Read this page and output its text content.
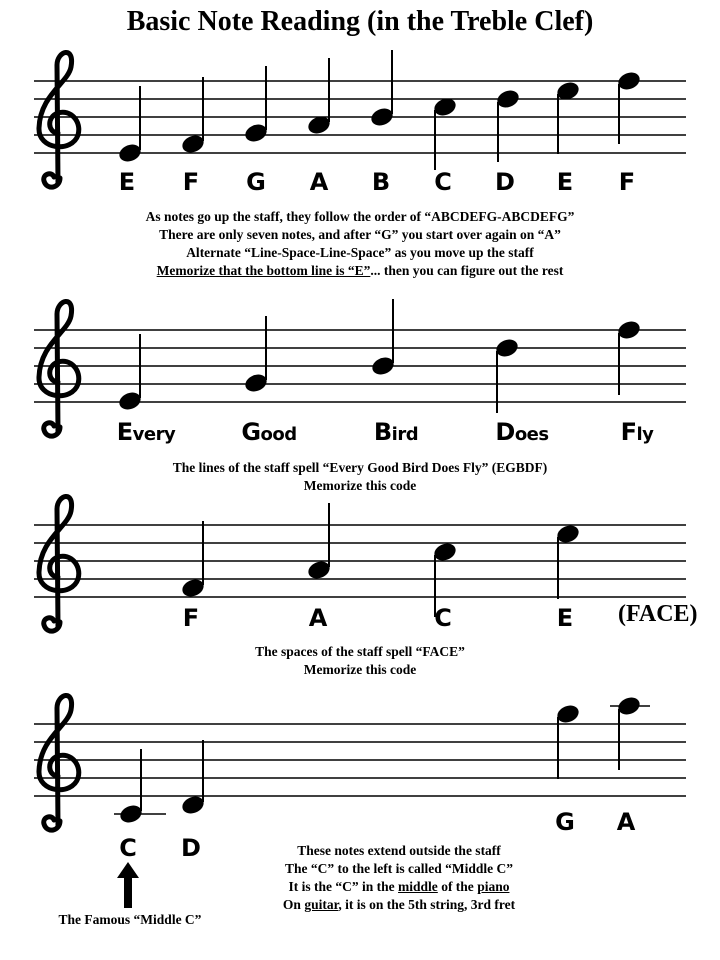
Basic Note Reading (in the Treble Clef)
E F G A B C D E F
As notes go up the staff, they follow the order of “ABCDEFG-ABCDEFG”
There are only seven notes, and after “G” you start over again on “A”
Alternate “Line-Space-Line-Space” as you move up the staff
Memorize that the bottom line is “E”... then you can figure out the rest
Every	Good	Bird	Does	Fly
The lines of the staff spell “Every Good Bird Does Fly” (EGBDF)
Memorize this code
F	A	C	E (FACE)
The spaces of the staff spell “FACE”
Memorize this code
C D
G A
These notes extend outside the staff
The “C” to the left is called “Middle C”
It is the “C” in the middle of the piano
On guitar, it is on the 5th string, 3rd fret
The Famous “Middle C”
